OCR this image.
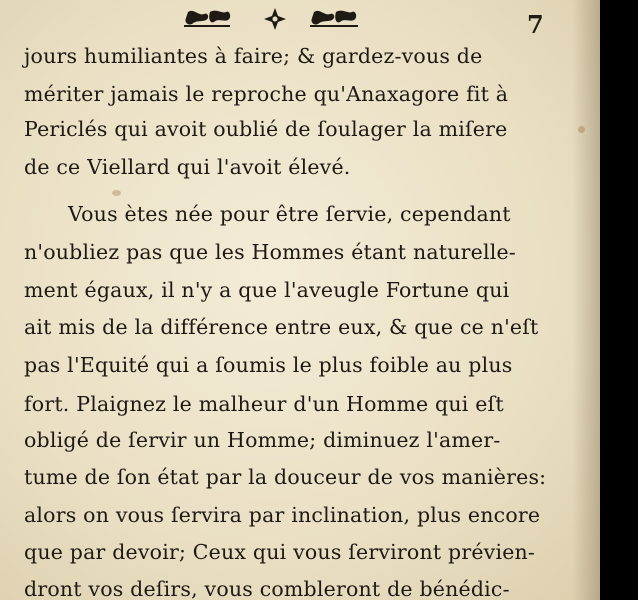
7
jours humiliantes à faire; & gardez-vous de
mériter jamais le reproche qu'Anaxagore fit à
Periclés qui avoit oublié de ſoulager la miſere
de ce Viellard qui l'avoit élevé.
Vous ètes née pour être ſervie, cependant
n'oubliez pas que les Hommes étant naturelle-
ment égaux, il n'y a que l'aveugle Fortune qui
ait mis de la différence entre eux, & que ce n'eſt
pas l'Equité qui a ſoumis le plus foible au plus
fort. Plaignez le malheur d'un Homme qui eſt
obligé de ſervir un Homme; diminuez l'amer-
tume de ſon état par la douceur de vos manières:
alors on vous ſervira par inclination, plus encore
que par devoir; Ceux qui vous ſerviront prévien-
dront vos deſirs, vous combleront de bénédic-
